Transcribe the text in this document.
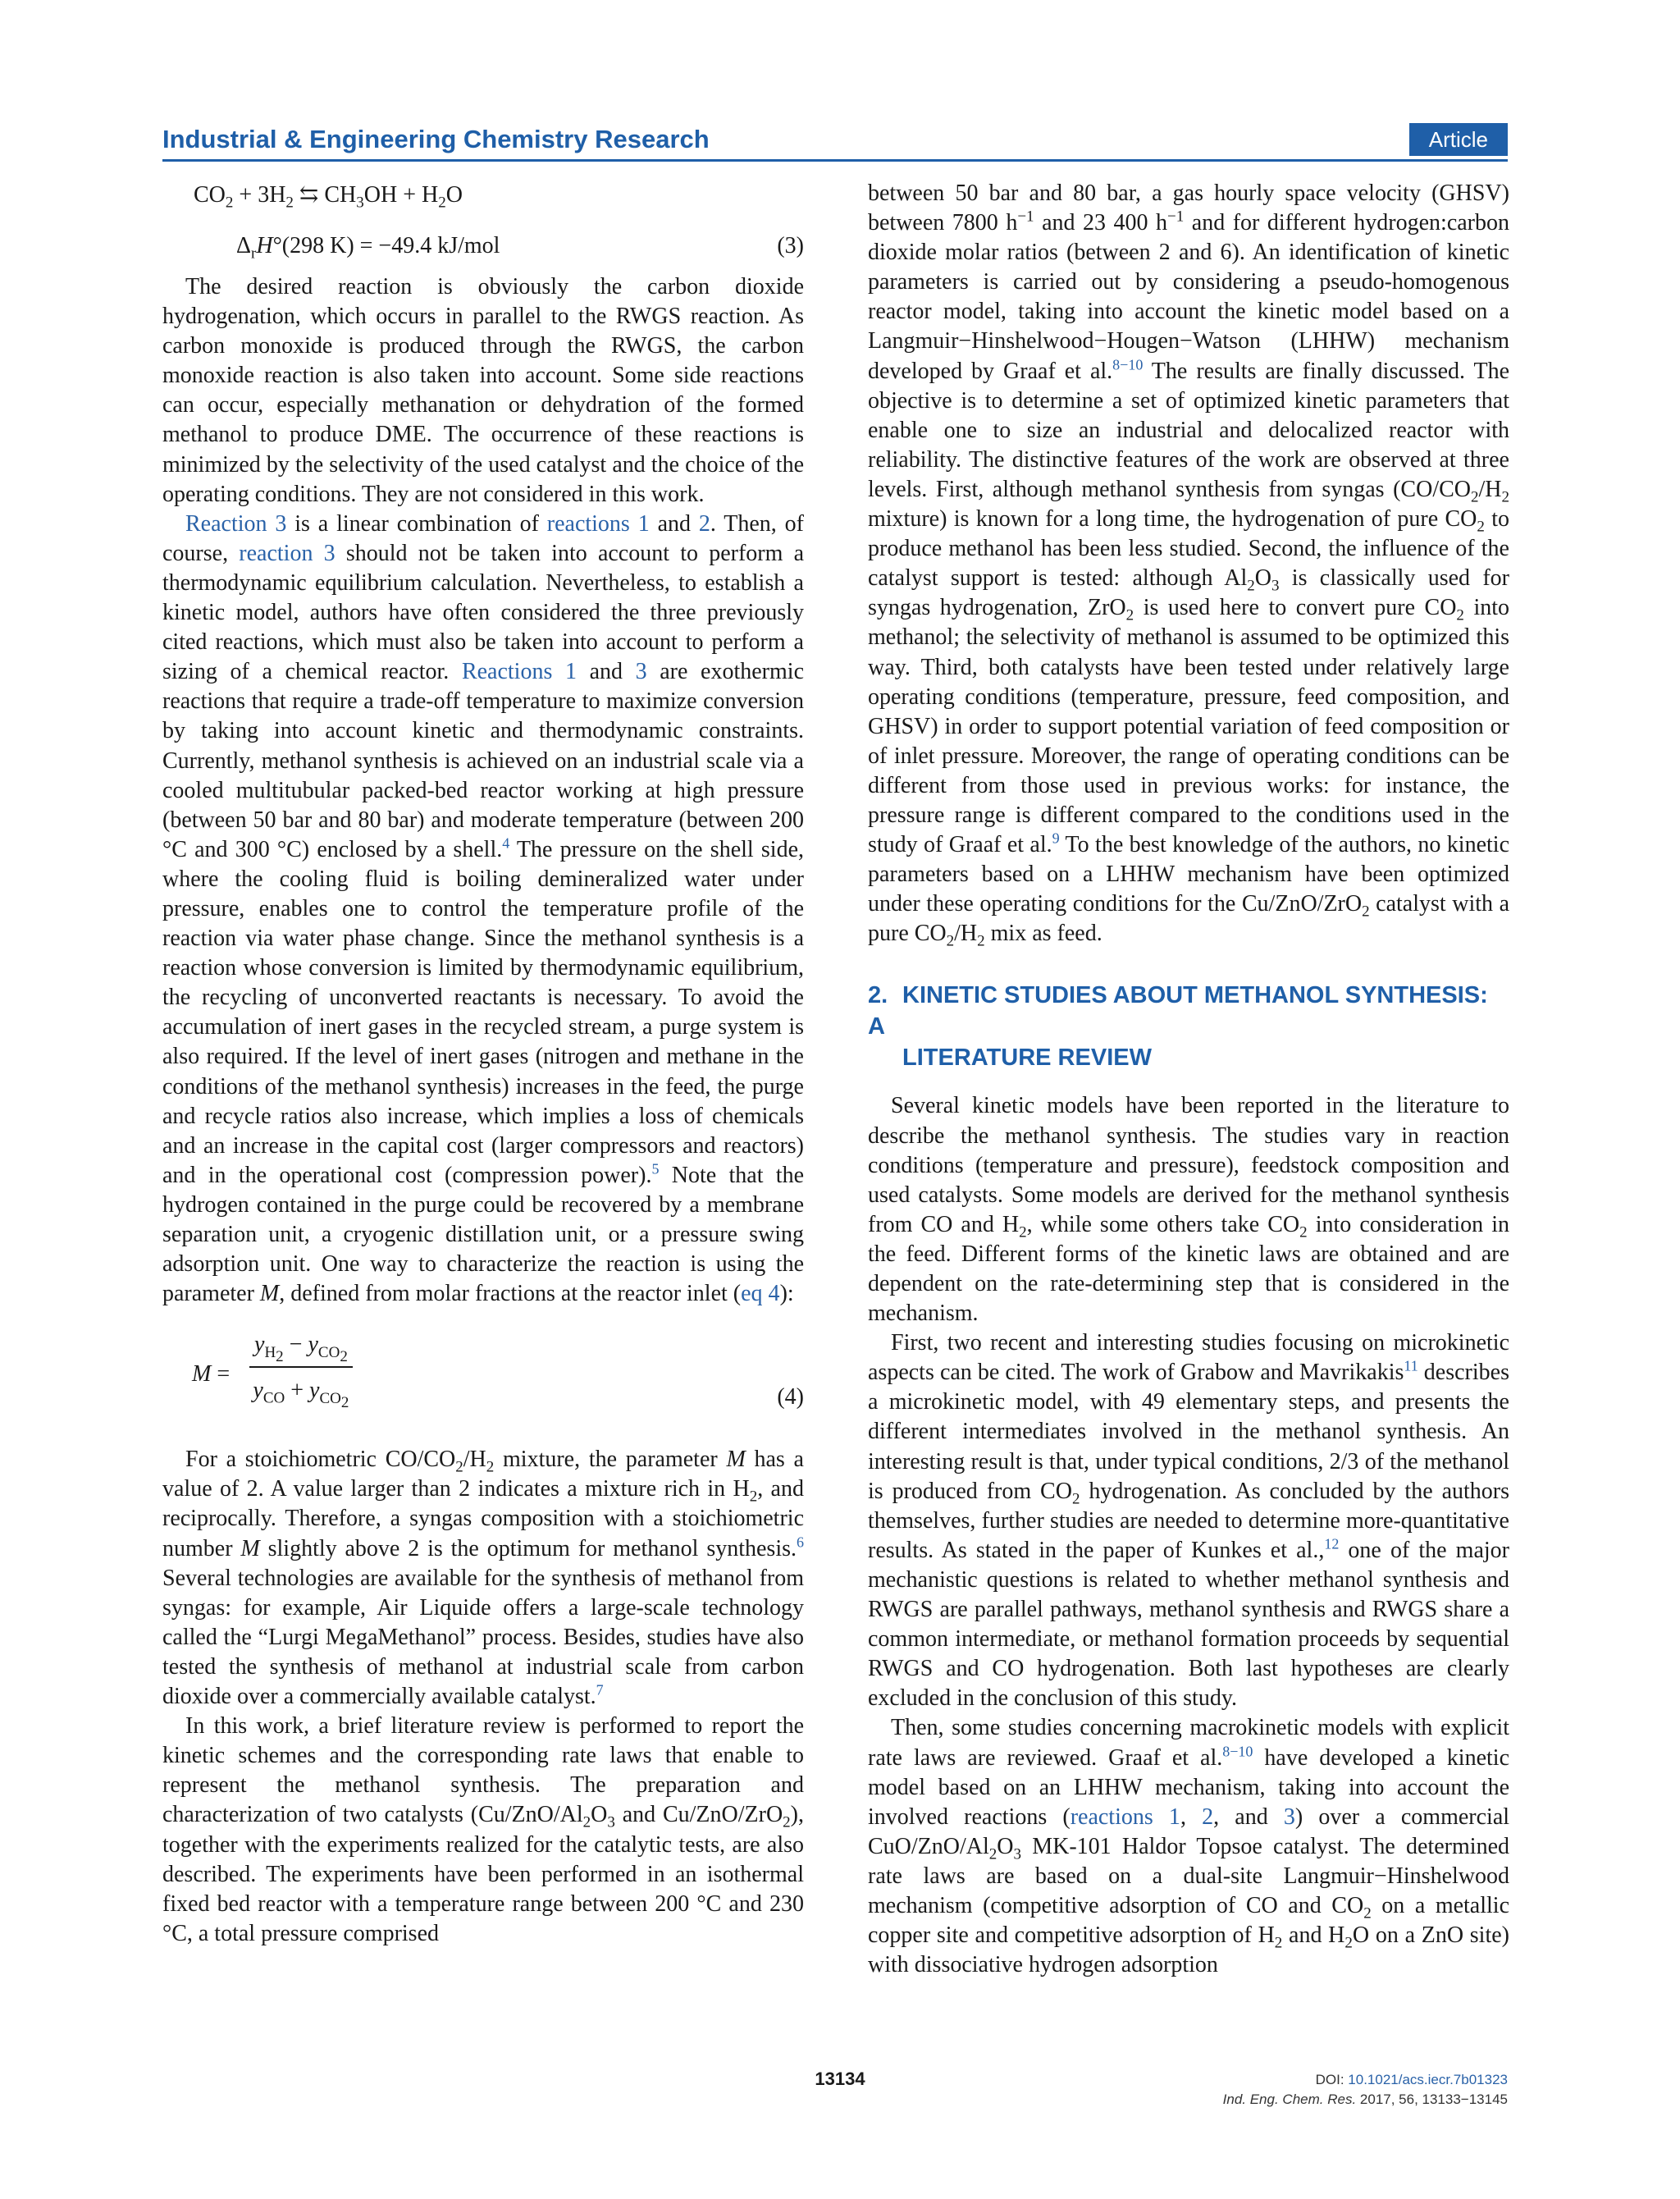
Industrial & Engineering Chemistry Research	Article
$CO_2 + 3H_2$ ⇆ $CH_3OH + H_2O$
$\Delta_rH^\circ(298$ K) = −49.4 kJ/mol	(3)

The desired reaction is obviously the carbon dioxide hydrogenation, which occurs in parallel to the RWGS reaction. As carbon monoxide is produced through the RWGS, the carbon monoxide reaction is also taken into account. Some side reactions can occur, especially methanation or dehydration of the formed methanol to produce DME. The occurrence of these reactions is minimized by the selectivity of the used catalyst and the choice of the operating conditions. They are not considered in this work.

Reaction 3 is a linear combination of reactions 1 and 2. Then, of course, reaction 3 should not be taken into account to perform a thermodynamic equilibrium calculation. Nevertheless, to establish a kinetic model, authors have often considered the three previously cited reactions, which must also be taken into account to perform a sizing of a chemical reactor. Reactions 1 and 3 are exothermic reactions that require a trade-off temperature to maximize conversion by taking into account kinetic and thermodynamic constraints. Currently, methanol synthesis is achieved on an industrial scale via a cooled multitubular packed-bed reactor working at high pressure (between 50 bar and 80 bar) and moderate temperature (between 200 °C and 300 °C) enclosed by a shell.$^4$ The pressure on the shell side, where the cooling fluid is boiling demineralized water under pressure, enables one to control the temperature profile of the reaction via water phase change. Since the methanol synthesis is a reaction whose conversion is limited by thermodynamic equilibrium, the recycling of unconverted reactants is necessary. To avoid the accumulation of inert gases in the recycled stream, a purge system is also required. If the level of inert gases (nitrogen and methane in the conditions of the methanol synthesis) increases in the feed, the purge and recycle ratios also increase, which implies a loss of chemicals and an increase in the capital cost (larger compressors and reactors) and in the operational cost (compression power).$^5$ Note that the hydrogen contained in the purge could be recovered by a membrane separation unit, a cryogenic distillation unit, or a pressure swing adsorption unit. One way to characterize the reaction is using the parameter M, defined from molar fractions at the reactor inlet (eq 4):

M =
$y_{H_2} - y_{CO_2}$
$y_{CO} + y_{CO_2}$	(4)

For a stoichiometric $CO/CO_2/H_2$ mixture, the parameter M has a value of 2. A value larger than 2 indicates a mixture rich in $H_2$, and reciprocally. Therefore, a syngas composition with a stoichiometric number M slightly above 2 is the optimum for methanol synthesis.$^6$ Several technologies are available for the synthesis of methanol from syngas: for example, Air Liquide offers a large-scale technology called the “Lurgi MegaMethanol” process. Besides, studies have also tested the synthesis of methanol at industrial scale from carbon dioxide over a commercially available catalyst.$^7$

In this work, a brief literature review is performed to report the kinetic schemes and the corresponding rate laws that enable to represent the methanol synthesis. The preparation and characterization of two catalysts ($Cu/ZnO/Al_2O_3$ and Cu/ZnO/ZrO$_2$), together with the experiments realized for the catalytic tests, are also described. The experiments have been performed in an isothermal fixed bed reactor with a temperature range between 200 °C and 230 °C, a total pressure comprised

between 50 bar and 80 bar, a gas hourly space velocity (GHSV) between 7800 $h^{-1}$ and 23 400 $h^{-1}$ and for different hydrogen:carbon dioxide molar ratios (between 2 and 6). An identification of kinetic parameters is carried out by considering a pseudo-homogenous reactor model, taking into account the kinetic model based on a Langmuir−Hinshelwood−Hougen−Watson (LHHW) mechanism developed by Graaf et al.$^{8-10}$ The results are finally discussed. The objective is to determine a set of optimized kinetic parameters that enable one to size an industrial and delocalized reactor with reliability. The distinctive features of the work are observed at three levels. First, although methanol synthesis from syngas ($CO/CO_2/H_2$ mixture) is known for a long time, the hydrogenation of pure $CO_2$ to produce methanol has been less studied. Second, the influence of the catalyst support is tested: although $Al_2O_3$ is classically used for syngas hydrogenation, ZrO$_2$ is used here to convert pure $CO_2$ into methanol; the selectivity of methanol is assumed to be optimized this way. Third, both catalysts have been tested under relatively large operating conditions (temperature, pressure, feed composition, and GHSV) in order to support potential variation of feed composition or of inlet pressure. Moreover, the range of operating conditions can be different from those used in previous works: for instance, the pressure range is different compared to the conditions used in the study of Graaf et al.$^9$ To the best knowledge of the authors, no kinetic parameters based on a LHHW mechanism have been optimized under these operating conditions for the Cu/ZnO/ZrO$_2$ catalyst with a pure $CO_2/H_2$ mix as feed.

2. KINETIC STUDIES ABOUT METHANOL SYNTHESIS: A
LITERATURE REVIEW

Several kinetic models have been reported in the literature to describe the methanol synthesis. The studies vary in reaction conditions (temperature and pressure), feedstock composition and used catalysts. Some models are derived for the methanol synthesis from CO and $H_2$, while some others take $CO_2$ into consideration in the feed. Different forms of the kinetic laws are obtained and are dependent on the rate-determining step that is considered in the mechanism.

First, two recent and interesting studies focusing on microkinetic aspects can be cited. The work of Grabow and Mavrikakis$^{11}$ describes a microkinetic model, with 49 elementary steps, and presents the different intermediates involved in the methanol synthesis. An interesting result is that, under typical conditions, 2/3 of the methanol is produced from $CO_2$ hydrogenation. As concluded by the authors themselves, further studies are needed to determine more-quantitative results. As stated in the paper of Kunkes et al.,$^{12}$ one of the major mechanistic questions is related to whether methanol synthesis and RWGS are parallel pathways, methanol synthesis and RWGS share a common intermediate, or methanol formation proceeds by sequential RWGS and CO hydrogenation. Both last hypotheses are clearly excluded in the conclusion of this study.

Then, some studies concerning macrokinetic models with explicit rate laws are reviewed. Graaf et al.$^{8-10}$ have developed a kinetic model based on an LHHW mechanism, taking into account the involved reactions (reactions 1, 2, and 3) over a commercial CuO/$ZnO/Al_2O_3$ MK-101 Haldor Topsoe catalyst. The determined rate laws are based on a dual-site Langmuir−Hinshelwood mechanism (competitive adsorption of CO and $CO_2$ on a metallic copper site and competitive adsorption of $H_2$ and $H_2O$ on a ZnO site) with dissociative hydrogen adsorption

13134	DOI: 10.1021/acs.iecr.7b01323
Ind. Eng. Chem. Res. 2017, 56, 13133−13145
